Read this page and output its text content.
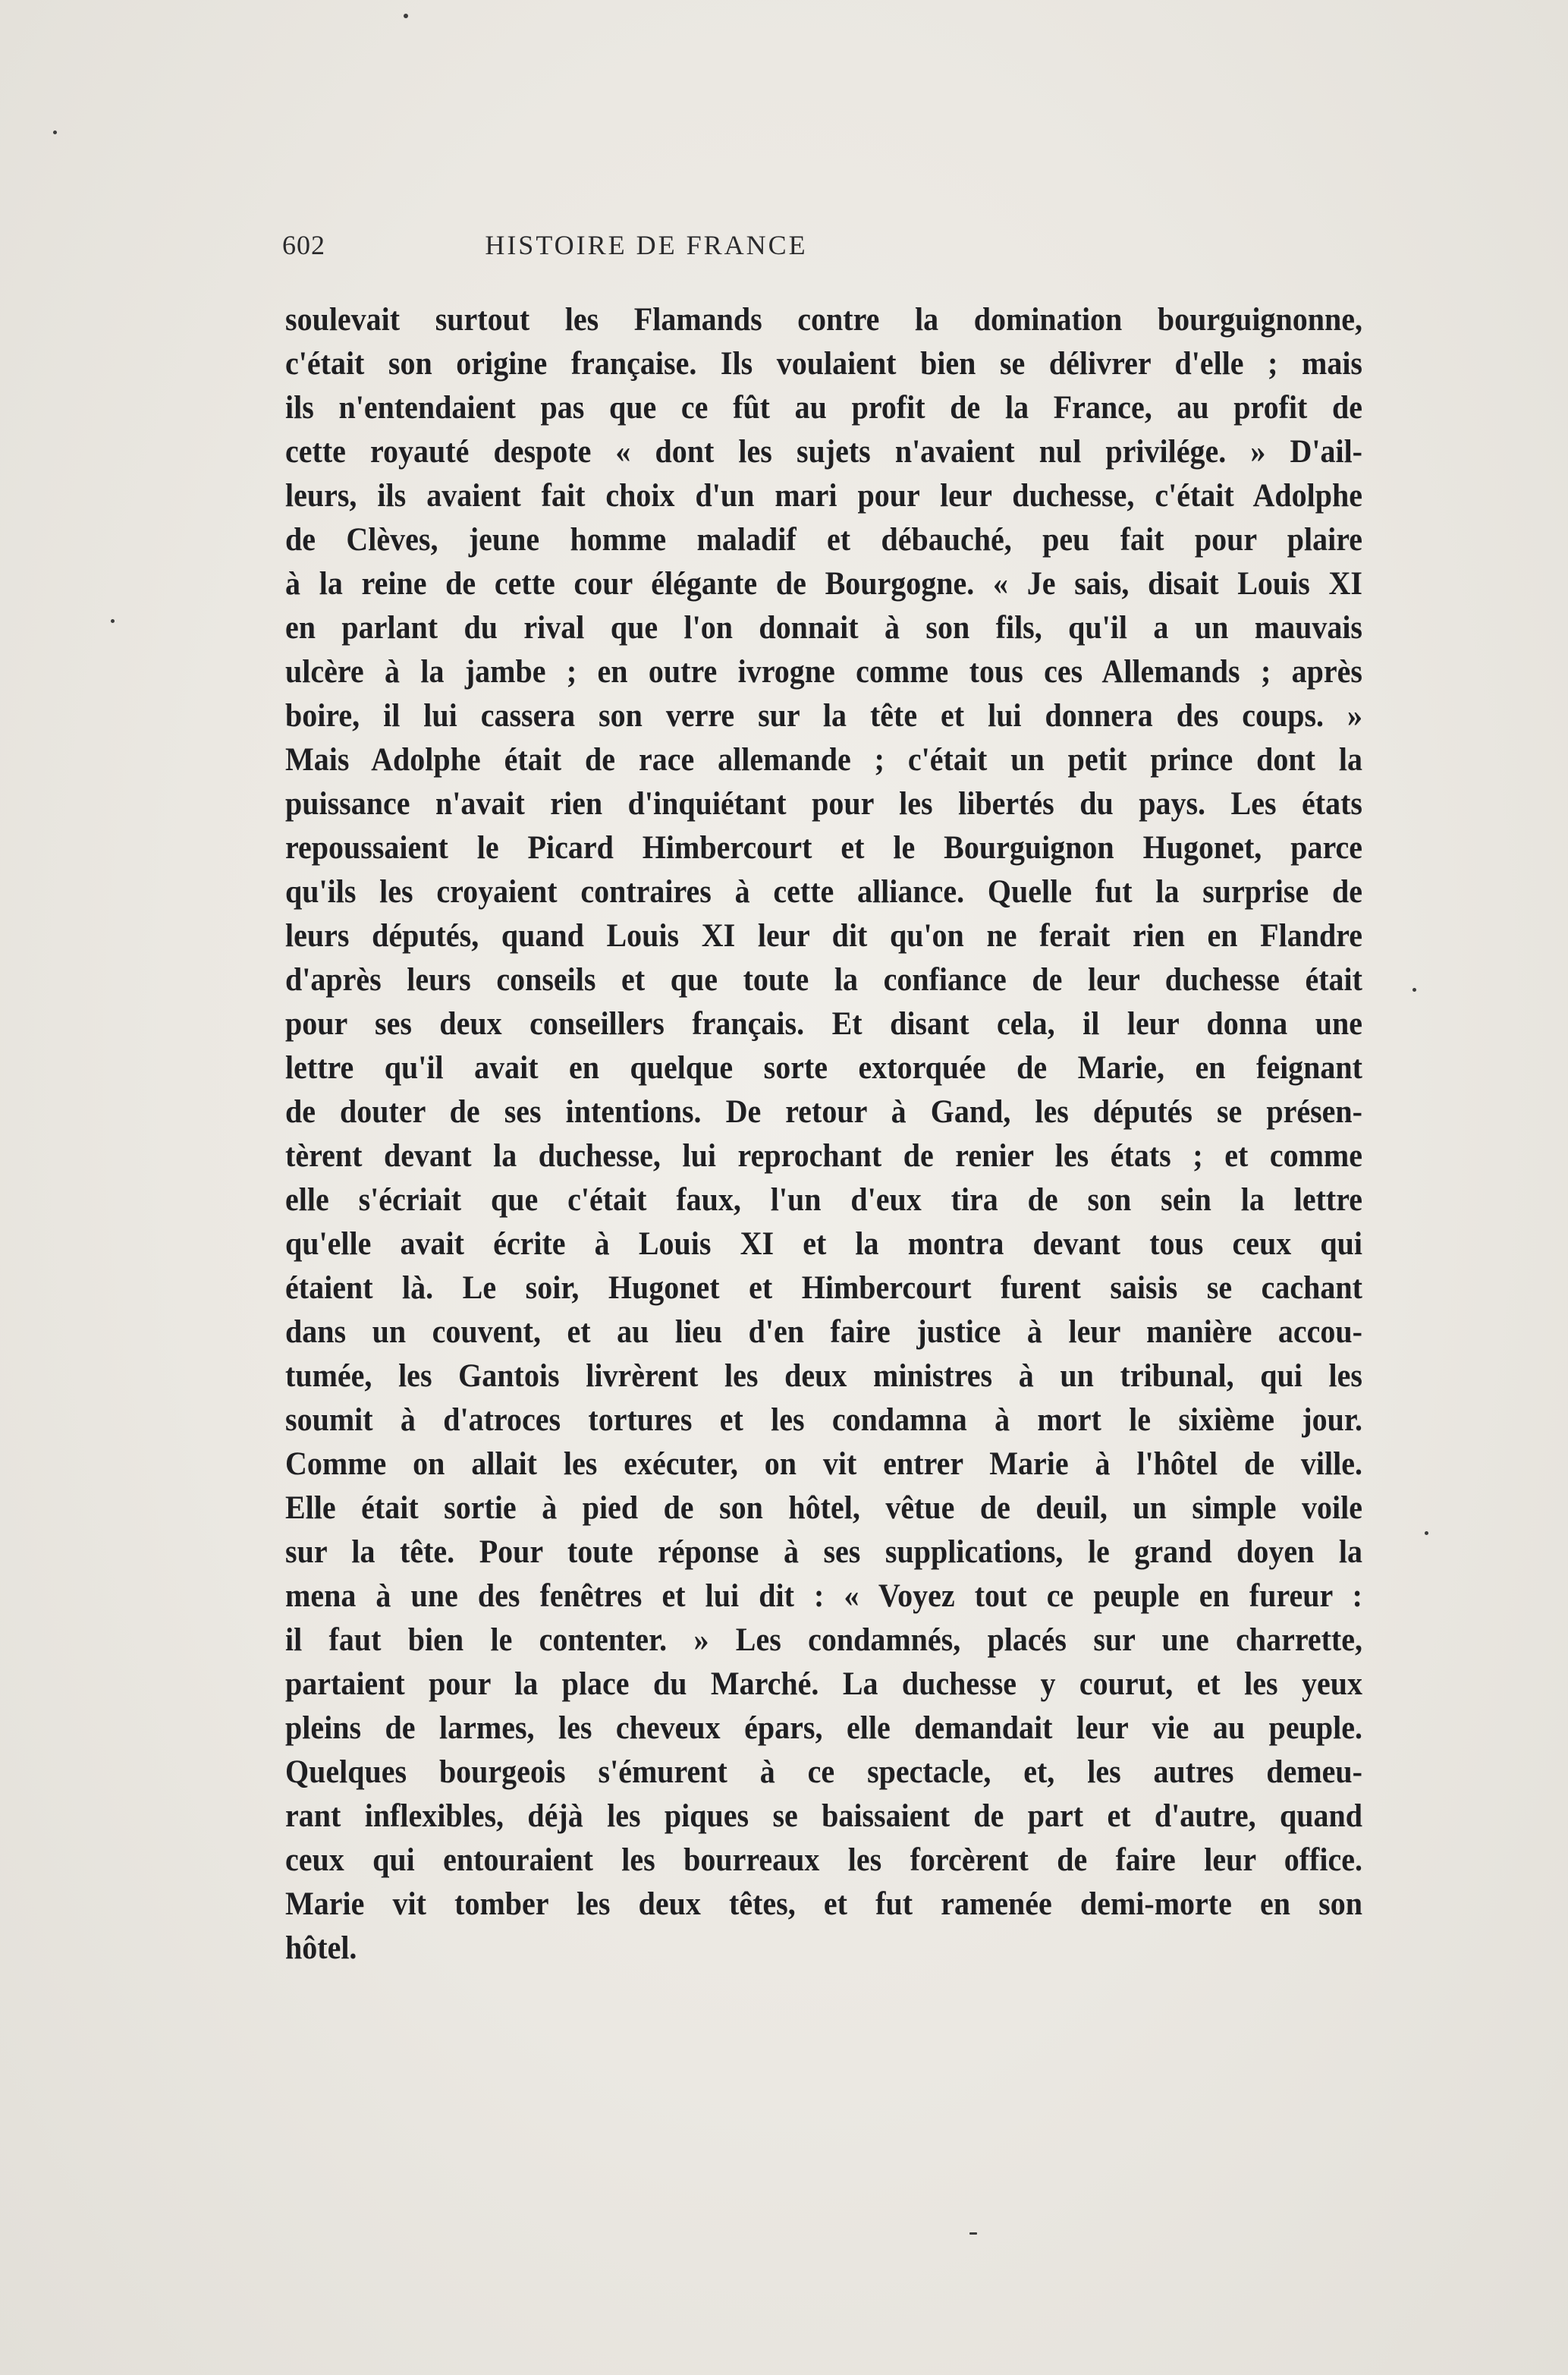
602	HISTOIRE DE FRANCE
soulevait surtout les Flamands contre la domination bourguignonne,
c'était son origine française. Ils voulaient bien se délivrer d'elle ; mais
ils n'entendaient pas que ce fût au profit de la France, au profit de
cette royauté despote « dont les sujets n'avaient nul privilége. » D'ail-
leurs, ils avaient fait choix d'un mari pour leur duchesse, c'était Adolphe
de Clèves, jeune homme maladif et débauché, peu fait pour plaire
à la reine de cette cour élégante de Bourgogne. « Je sais, disait Louis XI
en parlant du rival que l'on donnait à son fils, qu'il a un mauvais
ulcère à la jambe ; en outre ivrogne comme tous ces Allemands ; après
boire, il lui cassera son verre sur la tête et lui donnera des coups. »
Mais Adolphe était de race allemande ; c'était un petit prince dont la
puissance n'avait rien d'inquiétant pour les libertés du pays. Les états
repoussaient le Picard Himbercourt et le Bourguignon Hugonet, parce
qu'ils les croyaient contraires à cette alliance. Quelle fut la surprise de
leurs députés, quand Louis XI leur dit qu'on ne ferait rien en Flandre
d'après leurs conseils et que toute la confiance de leur duchesse était
pour ses deux conseillers français. Et disant cela, il leur donna une
lettre qu'il avait en quelque sorte extorquée de Marie, en feignant
de douter de ses intentions. De retour à Gand, les députés se présen-
tèrent devant la duchesse, lui reprochant de renier les états ; et comme
elle s'écriait que c'était faux, l'un d'eux tira de son sein la lettre
qu'elle avait écrite à Louis XI et la montra devant tous ceux qui
étaient là. Le soir, Hugonet et Himbercourt furent saisis se cachant
dans un couvent, et au lieu d'en faire justice à leur manière accou-
tumée, les Gantois livrèrent les deux ministres à un tribunal, qui les
soumit à d'atroces tortures et les condamna à mort le sixième jour.
Comme on allait les exécuter, on vit entrer Marie à l'hôtel de ville.
Elle était sortie à pied de son hôtel, vêtue de deuil, un simple voile
sur la tête. Pour toute réponse à ses supplications, le grand doyen la
mena à une des fenêtres et lui dit : « Voyez tout ce peuple en fureur :
il faut bien le contenter. » Les condamnés, placés sur une charrette,
partaient pour la place du Marché. La duchesse y courut, et les yeux
pleins de larmes, les cheveux épars, elle demandait leur vie au peuple.
Quelques bourgeois s'émurent à ce spectacle, et, les autres demeu-
rant inflexibles, déjà les piques se baissaient de part et d'autre, quand
ceux qui entouraient les bourreaux les forcèrent de faire leur office.
Marie vit tomber les deux têtes, et fut ramenée demi-morte en son
hôtel.
